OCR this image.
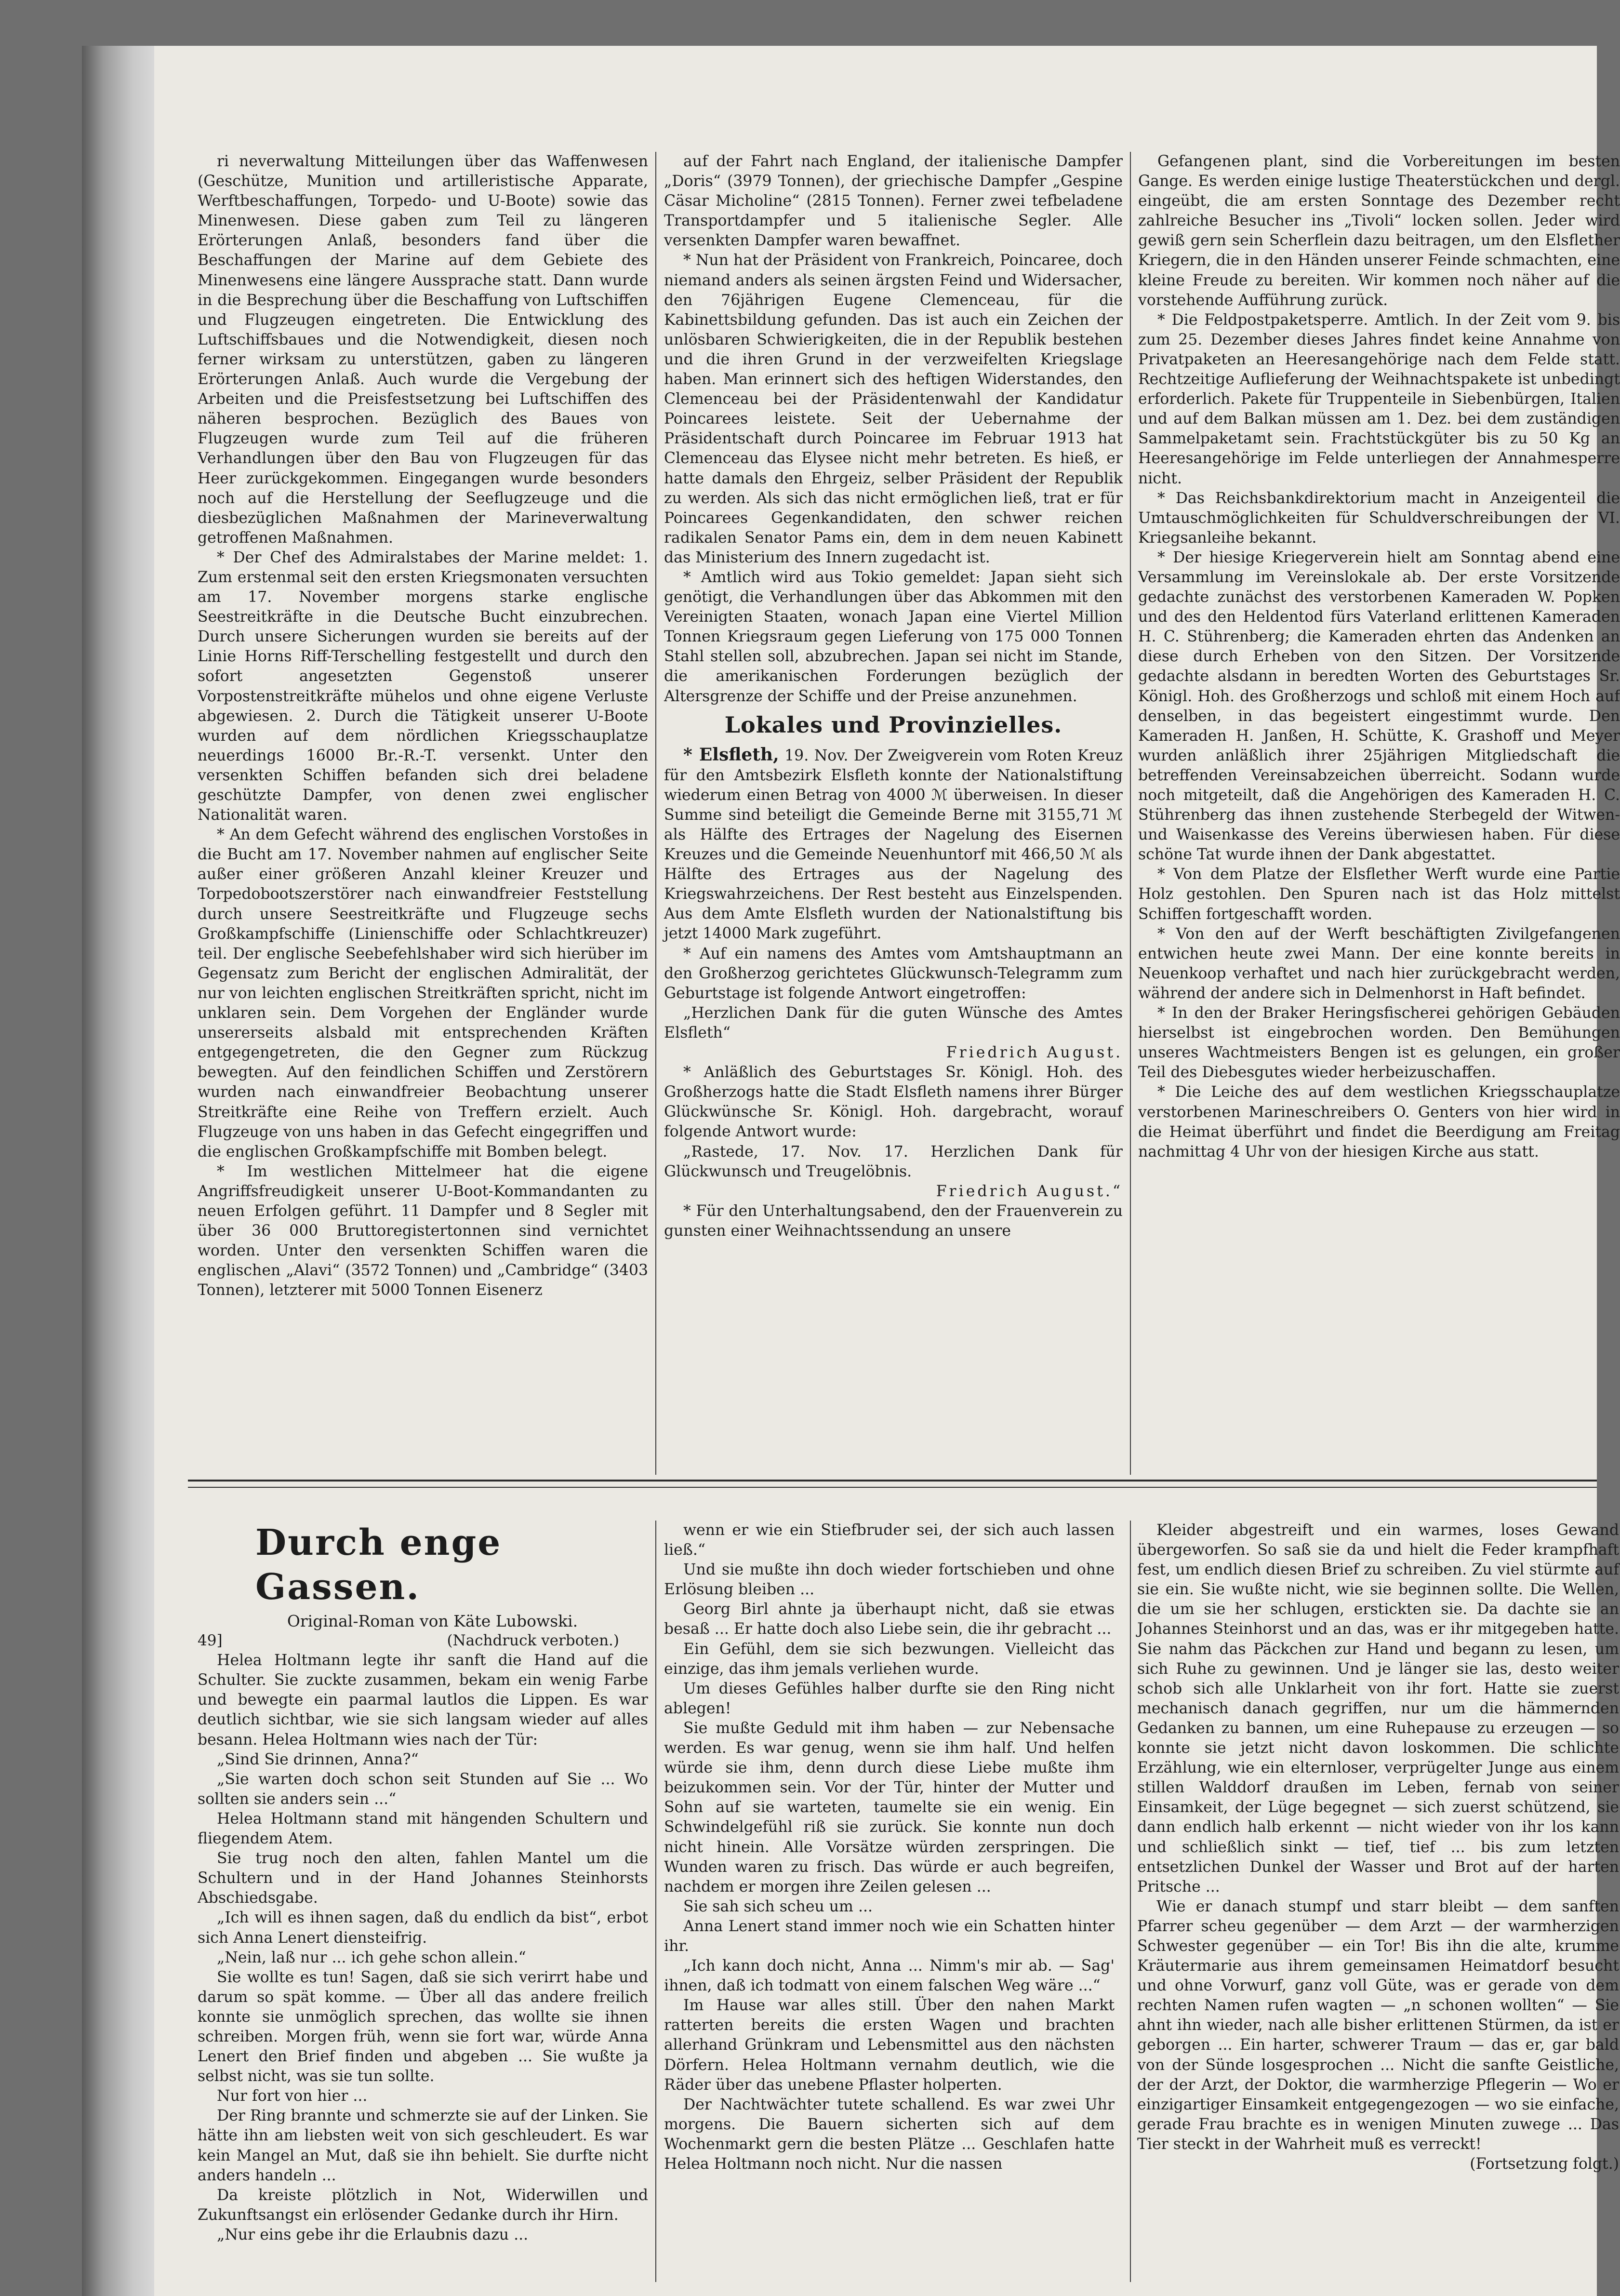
ri neverwaltung Mitteilungen über das Waffenwesen (Geschütze, Munition und artilleristische Apparate, Werftbeschaffungen, Torpedo- und U-Boote) sowie das Minenwesen. Diese gaben zum Teil zu längeren Erörterungen Anlaß, besonders fand über die Beschaffungen der Marine auf dem Gebiete des Minenwesens eine längere Aussprache statt. Dann wurde in die Besprechung über die Beschaffung von Luftschiffen und Flugzeugen eingetreten. Die Entwicklung des Luftschiffsbaues und die Notwendigkeit, diesen noch ferner wirksam zu unterstützen, gaben zu längeren Erörterungen Anlaß. Auch wurde die Vergebung der Arbeiten und die Preisfestsetzung bei Luftschiffen des näheren besprochen. Bezüglich des Baues von Flugzeugen wurde zum Teil auf die früheren Verhandlungen über den Bau von Flugzeugen für das Heer zurückgekommen. Eingegangen wurde besonders noch auf die Herstellung der Seeflugzeuge und die diesbezüglichen Maßnahmen der Marineverwaltung getroffenen Maßnahmen.

* Der Chef des Admiralstabes der Marine meldet: 1. Zum erstenmal seit den ersten Kriegsmonaten versuchten am 17. November morgens starke englische Seestreitkräfte in die Deutsche Bucht einzubrechen. Durch unsere Sicherungen wurden sie bereits auf der Linie Horns Riff-Terschelling festgestellt und durch den sofort angesetzten Gegenstoß unserer Vorpostenstreitkräfte mühelos und ohne eigene Verluste abgewiesen. 2. Durch die Tätigkeit unserer U-Boote wurden auf dem nördlichen Kriegsschauplatze neuerdings 16000 Br.-R.-T. versenkt. Unter den versenkten Schiffen befanden sich drei beladene geschützte Dampfer, von denen zwei englischer Nationalität waren.

* An dem Gefecht während des englischen Vorstoßes in die Bucht am 17. November nahmen auf englischer Seite außer einer größeren Anzahl kleiner Kreuzer und Torpedobootszerstörer nach einwandfreier Feststellung durch unsere Seestreitkräfte und Flugzeuge sechs Großkampfschiffe (Linienschiffe oder Schlachtkreuzer) teil. Der englische Seebefehlshaber wird sich hierüber im Gegensatz zum Bericht der englischen Admiralität, der nur von leichten englischen Streitkräften spricht, nicht im unklaren sein. Dem Vorgehen der Engländer wurde unsererseits alsbald mit entsprechenden Kräften entgegengetreten, die den Gegner zum Rückzug bewegten. Auf den feindlichen Schiffen und Zerstörern wurden nach einwandfreier Beobachtung unserer Streitkräfte eine Reihe von Treffern erzielt. Auch Flugzeuge von uns haben in das Gefecht eingegriffen und die englischen Großkampfschiffe mit Bomben belegt.

* Im westlichen Mittelmeer hat die eigene Angriffsfreudigkeit unserer U-Boot-Kommandanten zu neuen Erfolgen geführt. 11 Dampfer und 8 Segler mit über 36 000 Bruttoregistertonnen sind vernichtet worden. Unter den versenkten Schiffen waren die englischen „Alavi“ (3572 Tonnen) und „Cambridge“ (3403 Tonnen), letzterer mit 5000 Tonnen Eisenerz

auf der Fahrt nach England, der italienische Dampfer „Doris“ (3979 Tonnen), der griechische Dampfer „Gespine Cäsar Micholine“ (2815 Tonnen). Ferner zwei tefbeladene Transportdampfer und 5 italienische Segler. Alle versenkten Dampfer waren bewaffnet.

* Nun hat der Präsident von Frankreich, Poincaree, doch niemand anders als seinen ärgsten Feind und Widersacher, den 76jährigen Eugene Clemenceau, für die Kabinettsbildung gefunden. Das ist auch ein Zeichen der unlösbaren Schwierigkeiten, die in der Republik bestehen und die ihren Grund in der verzweifelten Kriegslage haben. Man erinnert sich des heftigen Widerstandes, den Clemenceau bei der Präsidentenwahl der Kandidatur Poincarees leistete. Seit der Uebernahme der Präsidentschaft durch Poincaree im Februar 1913 hat Clemenceau das Elysee nicht mehr betreten. Es hieß, er hatte damals den Ehrgeiz, selber Präsident der Republik zu werden. Als sich das nicht ermöglichen ließ, trat er für Poincarees Gegenkandidaten, den schwer reichen radikalen Senator Pams ein, dem in dem neuen Kabinett das Ministerium des Innern zugedacht ist.

* Amtlich wird aus Tokio gemeldet: Japan sieht sich genötigt, die Verhandlungen über das Abkommen mit den Vereinigten Staaten, wonach Japan eine Viertel Million Tonnen Kriegsraum gegen Lieferung von 175 000 Tonnen Stahl stellen soll, abzubrechen. Japan sei nicht im Stande, die amerikanischen Forderungen bezüglich der Altersgrenze der Schiffe und der Preise anzunehmen.

Lokales und Provinzielles.

* Elsfleth, 19. Nov. Der Zweigverein vom Roten Kreuz für den Amtsbezirk Elsfleth konnte der Nationalstiftung wiederum einen Betrag von 4000 ℳ überweisen. In dieser Summe sind beteiligt die Gemeinde Berne mit 3155,71 ℳ als Hälfte des Ertrages der Nagelung des Eisernen Kreuzes und die Gemeinde Neuenhuntorf mit 466,50 ℳ als Hälfte des Ertrages aus der Nagelung des Kriegswahrzeichens. Der Rest besteht aus Einzelspenden. Aus dem Amte Elsfleth wurden der Nationalstiftung bis jetzt 14000 Mark zugeführt.

* Auf ein namens des Amtes vom Amtshauptmann an den Großherzog gerichtetes Glückwunsch-Telegramm zum Geburtstage ist folgende Antwort eingetroffen:

„Herzlichen Dank für die guten Wünsche des Amtes Elsfleth“

Friedrich August.

* Anläßlich des Geburtstages Sr. Königl. Hoh. des Großherzogs hatte die Stadt Elsfleth namens ihrer Bürger Glückwünsche Sr. Königl. Hoh. dargebracht, worauf folgende Antwort wurde:

„Rastede, 17. Nov. 17. Herzlichen Dank für Glückwunsch und Treugelöbnis.

Friedrich August.“

* Für den Unterhaltungsabend, den der Frauenverein zu gunsten einer Weihnachtssendung an unsere

Gefangenen plant, sind die Vorbereitungen im besten Gange. Es werden einige lustige Theaterstückchen und dergl. eingeübt, die am ersten Sonntage des Dezember recht zahlreiche Besucher ins „Tivoli“ locken sollen. Jeder wird gewiß gern sein Scherflein dazu beitragen, um den Elsflether Kriegern, die in den Händen unserer Feinde schmachten, eine kleine Freude zu bereiten. Wir kommen noch näher auf die vorstehende Aufführung zurück.

* Die Feldpostpaketsperre. Amtlich. In der Zeit vom 9. bis zum 25. Dezember dieses Jahres findet keine Annahme von Privatpaketen an Heeresangehörige nach dem Felde statt. Rechtzeitige Auflieferung der Weihnachtspakete ist unbedingt erforderlich. Pakete für Truppenteile in Siebenbürgen, Italien und auf dem Balkan müssen am 1. Dez. bei dem zuständigen Sammelpaketamt sein. Frachtstückgüter bis zu 50 Kg an Heeresangehörige im Felde unterliegen der Annahmesperre nicht.

* Das Reichsbankdirektorium macht in Anzeigenteil die Umtauschmöglichkeiten für Schuldverschreibungen der VI. Kriegsanleihe bekannt.

* Der hiesige Kriegerverein hielt am Sonntag abend eine Versammlung im Vereinslokale ab. Der erste Vorsitzende gedachte zunächst des verstorbenen Kameraden W. Popken und des den Heldentod fürs Vaterland erlittenen Kameraden H. C. Stührenberg; die Kameraden ehrten das Andenken an diese durch Erheben von den Sitzen. Der Vorsitzende gedachte alsdann in beredten Worten des Geburtstages Sr. Königl. Hoh. des Großherzogs und schloß mit einem Hoch auf denselben, in das begeistert eingestimmt wurde. Den Kameraden H. Janßen, H. Schütte, K. Grashoff und Meyer wurden anläßlich ihrer 25jährigen Mitgliedschaft die betreffenden Vereinsabzeichen überreicht. Sodann wurde noch mitgeteilt, daß die Angehörigen des Kameraden H. C. Stührenberg das ihnen zustehende Sterbegeld der Witwen- und Waisenkasse des Vereins überwiesen haben. Für diese schöne Tat wurde ihnen der Dank abgestattet.

* Von dem Platze der Elsflether Werft wurde eine Partie Holz gestohlen. Den Spuren nach ist das Holz mittelst Schiffen fortgeschafft worden.

* Von den auf der Werft beschäftigten Zivilgefangenen entwichen heute zwei Mann. Der eine konnte bereits in Neuenkoop verhaftet und nach hier zurückgebracht werden, während der andere sich in Delmenhorst in Haft befindet.

* In den der Braker Heringsfischerei gehörigen Gebäuden hierselbst ist eingebrochen worden. Den Bemühungen unseres Wachtmeisters Bengen ist es gelungen, ein großer Teil des Diebesgutes wieder herbeizuschaffen.

* Die Leiche des auf dem westlichen Kriegsschauplatze verstorbenen Marineschreibers O. Genters von hier wird in die Heimat überführt und findet die Beerdigung am Freitag nachmittag 4 Uhr von der hiesigen Kirche aus statt.

Durch enge Gassen.
Original-Roman von Käte Lubowski.
49]	(Nachdruck verboten.)

Helea Holtmann legte ihr sanft die Hand auf die Schulter. Sie zuckte zusammen, bekam ein wenig Farbe und bewegte ein paarmal lautlos die Lippen. Es war deutlich sichtbar, wie sie sich langsam wieder auf alles besann. Helea Holtmann wies nach der Tür:

„Sind Sie drinnen, Anna?“

„Sie warten doch schon seit Stunden auf Sie ... Wo sollten sie anders sein ...“

Helea Holtmann stand mit hängenden Schultern und fliegendem Atem.

Sie trug noch den alten, fahlen Mantel um die Schultern und in der Hand Johannes Steinhorsts Abschiedsgabe.

„Ich will es ihnen sagen, daß du endlich da bist“, erbot sich Anna Lenert diensteifrig.

„Nein, laß nur ... ich gehe schon allein.“

Sie wollte es tun! Sagen, daß sie sich verirrt habe und darum so spät komme. — Über all das andere freilich konnte sie unmöglich sprechen, das wollte sie ihnen schreiben. Morgen früh, wenn sie fort war, würde Anna Lenert den Brief finden und abgeben ... Sie wußte ja selbst nicht, was sie tun sollte.

Nur fort von hier ...

Der Ring brannte und schmerzte sie auf der Linken. Sie hätte ihn am liebsten weit von sich geschleudert. Es war kein Mangel an Mut, daß sie ihn behielt. Sie durfte nicht anders handeln ...

Da kreiste plötzlich in Not, Widerwillen und Zukunftsangst ein erlösender Gedanke durch ihr Hirn.

„Nur eins gebe ihr die Erlaubnis dazu ...

wenn er wie ein Stiefbruder sei, der sich auch lassen ließ.“

Und sie mußte ihn doch wieder fortschieben und ohne Erlösung bleiben ...

Georg Birl ahnte ja überhaupt nicht, daß sie etwas besaß ... Er hatte doch also Liebe sein, die ihr gebracht ...

Ein Gefühl, dem sie sich bezwungen. Vielleicht das einzige, das ihm jemals verliehen wurde.

Um dieses Gefühles halber durfte sie den Ring nicht ablegen!

Sie mußte Geduld mit ihm haben — zur Nebensache werden. Es war genug, wenn sie ihm half. Und helfen würde sie ihm, denn durch diese Liebe mußte ihm beizukommen sein. Vor der Tür, hinter der Mutter und Sohn auf sie warteten, taumelte sie ein wenig. Ein Schwindelgefühl riß sie zurück. Sie konnte nun doch nicht hinein. Alle Vorsätze würden zerspringen. Die Wunden waren zu frisch. Das würde er auch begreifen, nachdem er morgen ihre Zeilen gelesen ...

Sie sah sich scheu um ...

Anna Lenert stand immer noch wie ein Schatten hinter ihr.

„Ich kann doch nicht, Anna ... Nimm's mir ab. — Sag' ihnen, daß ich todmatt von einem falschen Weg wäre ...“

Im Hause war alles still. Über den nahen Markt ratterten bereits die ersten Wagen und brachten allerhand Grünkram und Lebensmittel aus den nächsten Dörfern. Helea Holtmann vernahm deutlich, wie die Räder über das unebene Pflaster holperten.

Der Nachtwächter tutete schallend. Es war zwei Uhr morgens. Die Bauern sicherten sich auf dem Wochenmarkt gern die besten Plätze ... Geschlafen hatte Helea Holtmann noch nicht. Nur die nassen

Kleider abgestreift und ein warmes, loses Gewand übergeworfen. So saß sie da und hielt die Feder krampfhaft fest, um endlich diesen Brief zu schreiben. Zu viel stürmte auf sie ein. Sie wußte nicht, wie sie beginnen sollte. Die Wellen, die um sie her schlugen, erstickten sie. Da dachte sie an Johannes Steinhorst und an das, was er ihr mitgegeben hatte. Sie nahm das Päckchen zur Hand und begann zu lesen, um sich Ruhe zu gewinnen. Und je länger sie las, desto weiter schob sich alle Unklarheit von ihr fort. Hatte sie zuerst mechanisch danach gegriffen, nur um die hämmernden Gedanken zu bannen, um eine Ruhepause zu erzeugen — so konnte sie jetzt nicht davon loskommen. Die schlichte Erzählung, wie ein elternloser, verprügelter Junge aus einem stillen Walddorf draußen im Leben, fernab von seiner Einsamkeit, der Lüge begegnet — sich zuerst schützend, sie dann endlich halb erkennt — nicht wieder von ihr los kann und schließlich sinkt — tief, tief ... bis zum letzten entsetzlichen Dunkel der Wasser und Brot auf der harten Pritsche ...

Wie er danach stumpf und starr bleibt — dem sanften Pfarrer scheu gegenüber — dem Arzt — der warmherzigen Schwester gegenüber — ein Tor! Bis ihn die alte, krumme Kräutermarie aus ihrem gemeinsamen Heimatdorf besucht und ohne Vorwurf, ganz voll Güte, was er gerade von dem rechten Namen rufen wagten — „n schonen wollten“ — Sie ahnt ihn wieder, nach alle bisher erlittenen Stürmen, da ist er geborgen ... Ein harter, schwerer Traum — das er, gar bald von der Sünde losgesprochen ... Nicht die sanfte Geistliche, der der Arzt, der Doktor, die warmherzige Pflegerin — Wo er einzigartiger Einsamkeit entgegengezogen — wo sie einfache, gerade Frau brachte es in wenigen Minuten zuwege ... Das Tier steckt in der Wahrheit muß es verreckt!

(Fortsetzung folgt.)
